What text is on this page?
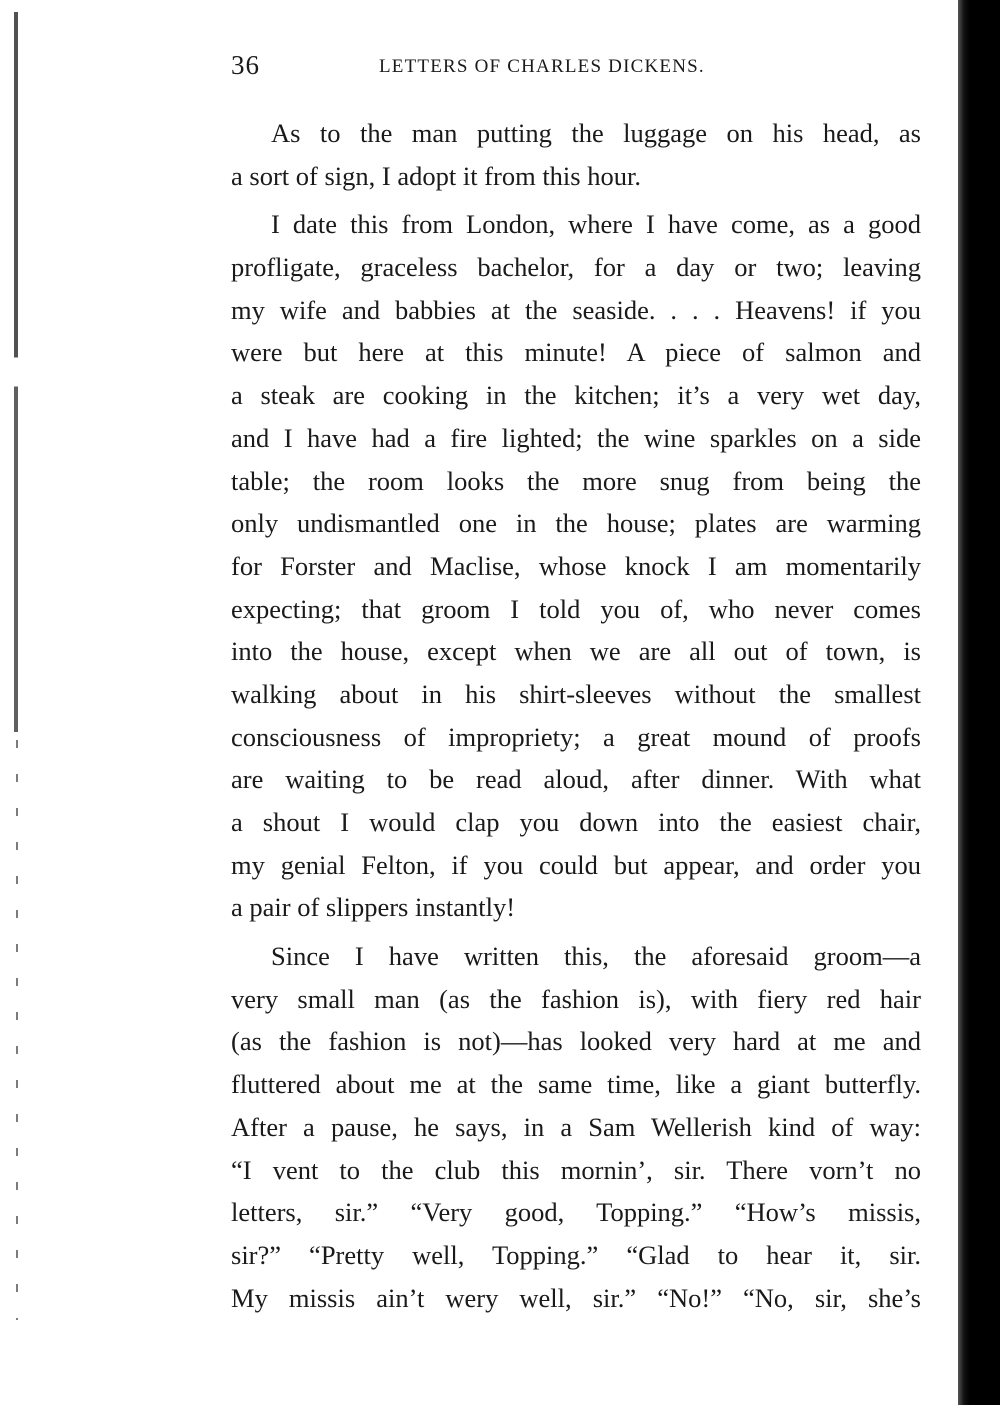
36	LETTERS OF CHARLES DICKENS.
As to the man putting the luggage on his head, as
a sort of sign, I adopt it from this hour.
I date this from London, where I have come, as a good
profligate, graceless bachelor, for a day or two; leaving
my wife and babbies at the seaside. . . . Heavens! if you
were but here at this minute! A piece of salmon and
a steak are cooking in the kitchen; it’s a very wet day,
and I have had a fire lighted; the wine sparkles on a side
table; the room looks the more snug from being the
only undismantled one in the house; plates are warming
for Forster and Maclise, whose knock I am momentarily
expecting; that groom I told you of, who never comes
into the house, except when we are all out of town, is
walking about in his shirt-sleeves without the smallest
consciousness of impropriety; a great mound of proofs
are waiting to be read aloud, after dinner. With what
a shout I would clap you down into the easiest chair,
my genial Felton, if you could but appear, and order you
a pair of slippers instantly!
Since I have written this, the aforesaid groom—a
very small man (as the fashion is), with fiery red hair
(as the fashion is not)—has looked very hard at me and
fluttered about me at the same time, like a giant butterfly.
After a pause, he says, in a Sam Wellerish kind of way:
“I vent to the club this mornin’, sir. There vorn’t no
letters, sir.” “Very good, Topping.” “How’s missis,
sir?” “Pretty well, Topping.” “Glad to hear it, sir.
My missis ain’t wery well, sir.” “No!” “No, sir, she’s
